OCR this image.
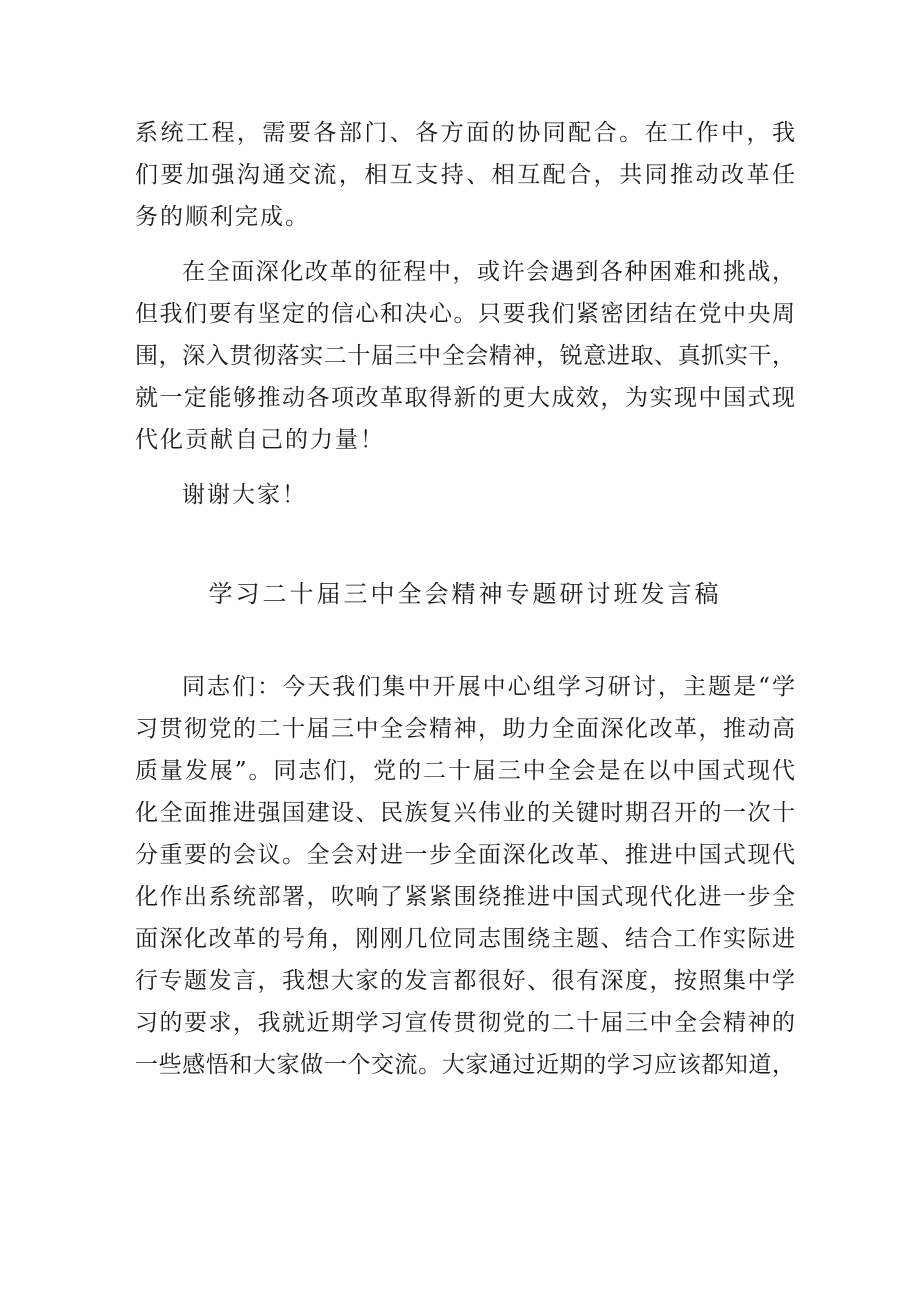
系统工程，需要各部门、各方面的协同配合。在工作中，我
们要加强沟通交流，相互支持、相互配合，共同推动改革任
务的顺利完成。
在全面深化改革的征程中，或许会遇到各种困难和挑战，
但我们要有坚定的信心和决心。只要我们紧密团结在党中央周
围，深入贯彻落实二十届三中全会精神，锐意进取、真抓实干，
就一定能够推动各项改革取得新的更大成效，为实现中国式现
代化贡献自己的力量！
谢谢大家！
学习二十届三中全会精神专题研讨班发言稿
同志们：今天我们集中开展中心组学习研讨，主题是“学
习贯彻党的二十届三中全会精神，助力全面深化改革，推动高
质量发展”。同志们，党的二十届三中全会是在以中国式现代
化全面推进强国建设、民族复兴伟业的关键时期召开的一次十
分重要的会议。全会对进一步全面深化改革、推进中国式现代
化作出系统部署，吹响了紧紧围绕推进中国式现代化进一步全
面深化改革的号角，刚刚几位同志围绕主题、结合工作实际进
行专题发言，我想大家的发言都很好、很有深度，按照集中学
习的要求，我就近期学习宣传贯彻党的二十届三中全会精神的
一些感悟和大家做一个交流。大家通过近期的学习应该都知道，
